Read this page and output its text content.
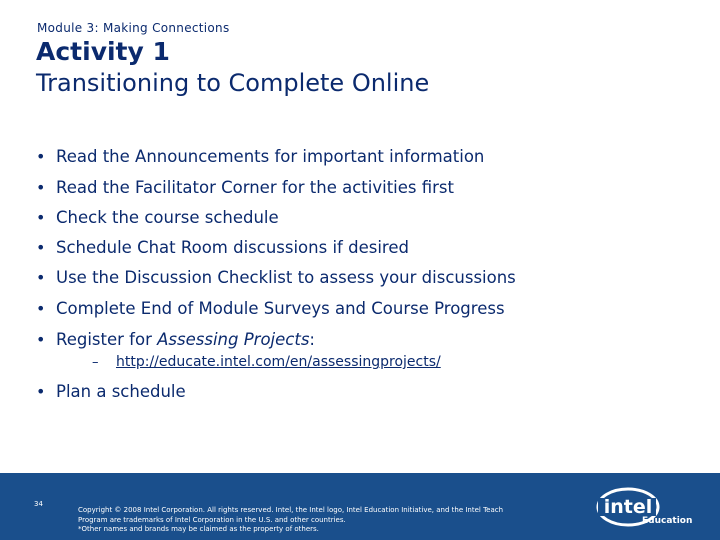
Module 3: Making Connections
Activity 1
Transitioning to Complete Online
• Read the Announcements for important information
• Read the Facilitator Corner for the activities first
• Check the course schedule
• Schedule Chat Room discussions if desired
• Use the Discussion Checklist to assess your discussions
• Complete End of Module Surveys and Course Progress
• Register for Assessing Projects:
–	http://educate.intel.com/en/assessingprojects/
• Plan a schedule
34
Copyright © 2008 Intel Corporation. All rights reserved. Intel, the Intel logo, Intel Education Initiative, and the Intel Teach
Program are trademarks of Intel Corporation in the U.S. and other countries.
*Other names and brands may be claimed as the property of others.
intel
Education
